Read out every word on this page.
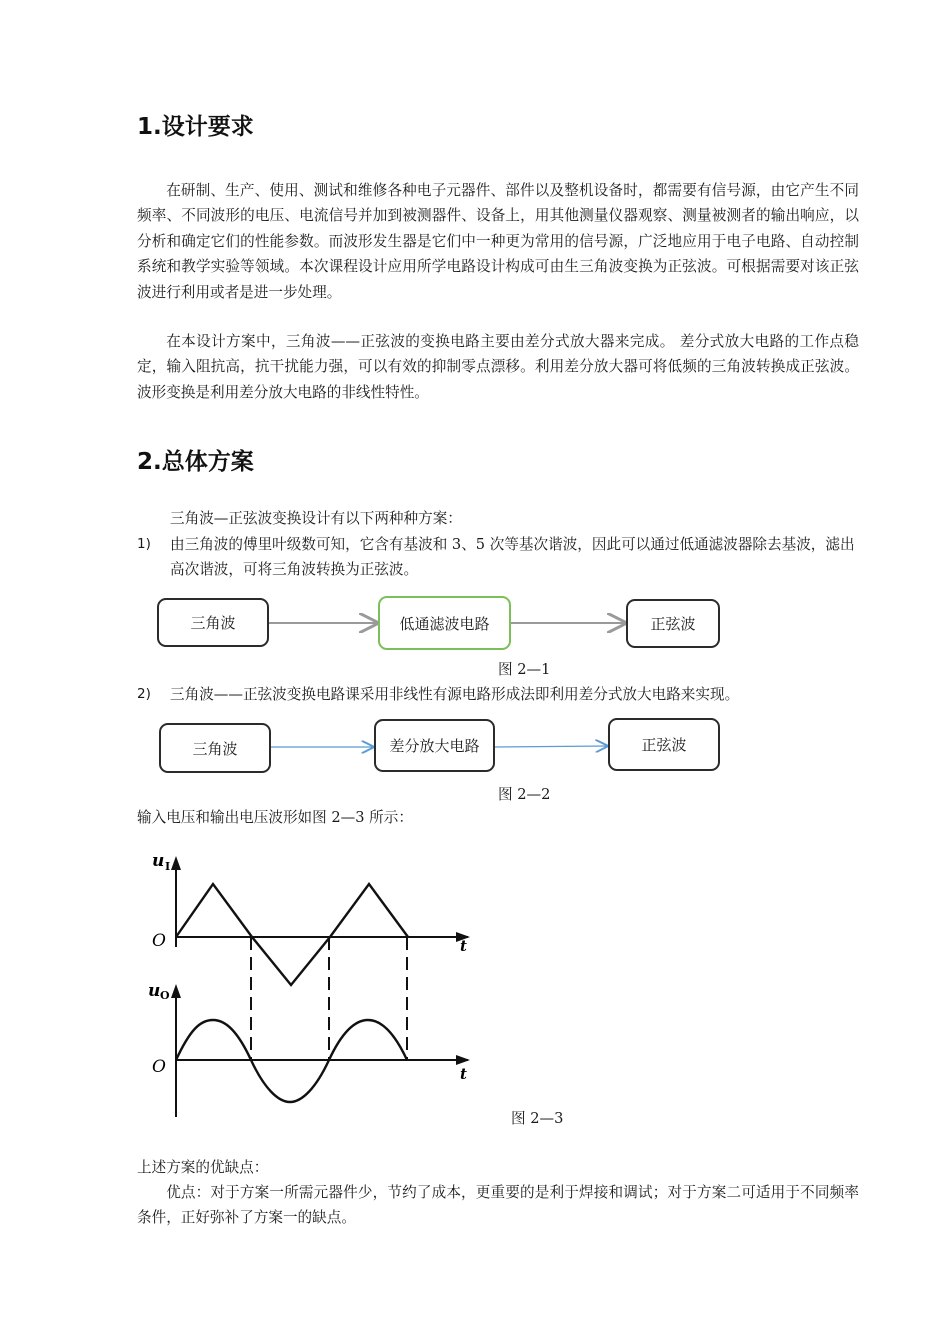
1.设计要求

在研制、生产、使用、测试和维修各种电子元器件、部件以及整机设备时，都需要有信号源，由它产生不同频率、不同波形的电压、电流信号并加到被测器件、设备上，用其他测量仪器观察、测量被测者的输出响应，以分析和确定它们的性能参数。而波形发生器是它们中一种更为常用的信号源，广泛地应用于电子电路、自动控制系统和教学实验等领域。本次课程设计应用所学电路设计构成可由生三角波变换为正弦波。可根据需要对该正弦波进行利用或者是进一步处理。

在本设计方案中，三角波——正弦波的变换电路主要由差分式放大器来完成。 差分式放大电路的工作点稳定，输入阻抗高，抗干扰能力强，可以有效的抑制零点漂移。利用差分放大器可将低频的三角波转换成正弦波。波形变换是利用差分放大电路的非线性特性。

2.总体方案
三角波—正弦波变换设计有以下两种种方案：
1) 由三角波的傅里叶级数可知，它含有基波和 3、5 次等基次谐波，因此可以通过低通滤波器除去基波，滤出高次谐波，可将三角波转换为正弦波。
三角波	低通滤波电路	正弦波
图 2—1
2) 三角波——正弦波变换电路课采用非线性有源电路形成法即利用差分式放大电路来实现。
三角波	差分放大电路	正弦波
图 2—2
输入电压和输出电压波形如图 2—3 所示：
u I
O	t
u O
O	t
图 2—3
上述方案的优缺点：

优点：对于方案一所需元器件少，节约了成本，更重要的是利于焊接和调试；对于方案二可适用于不同频率条件，正好弥补了方案一的缺点。
